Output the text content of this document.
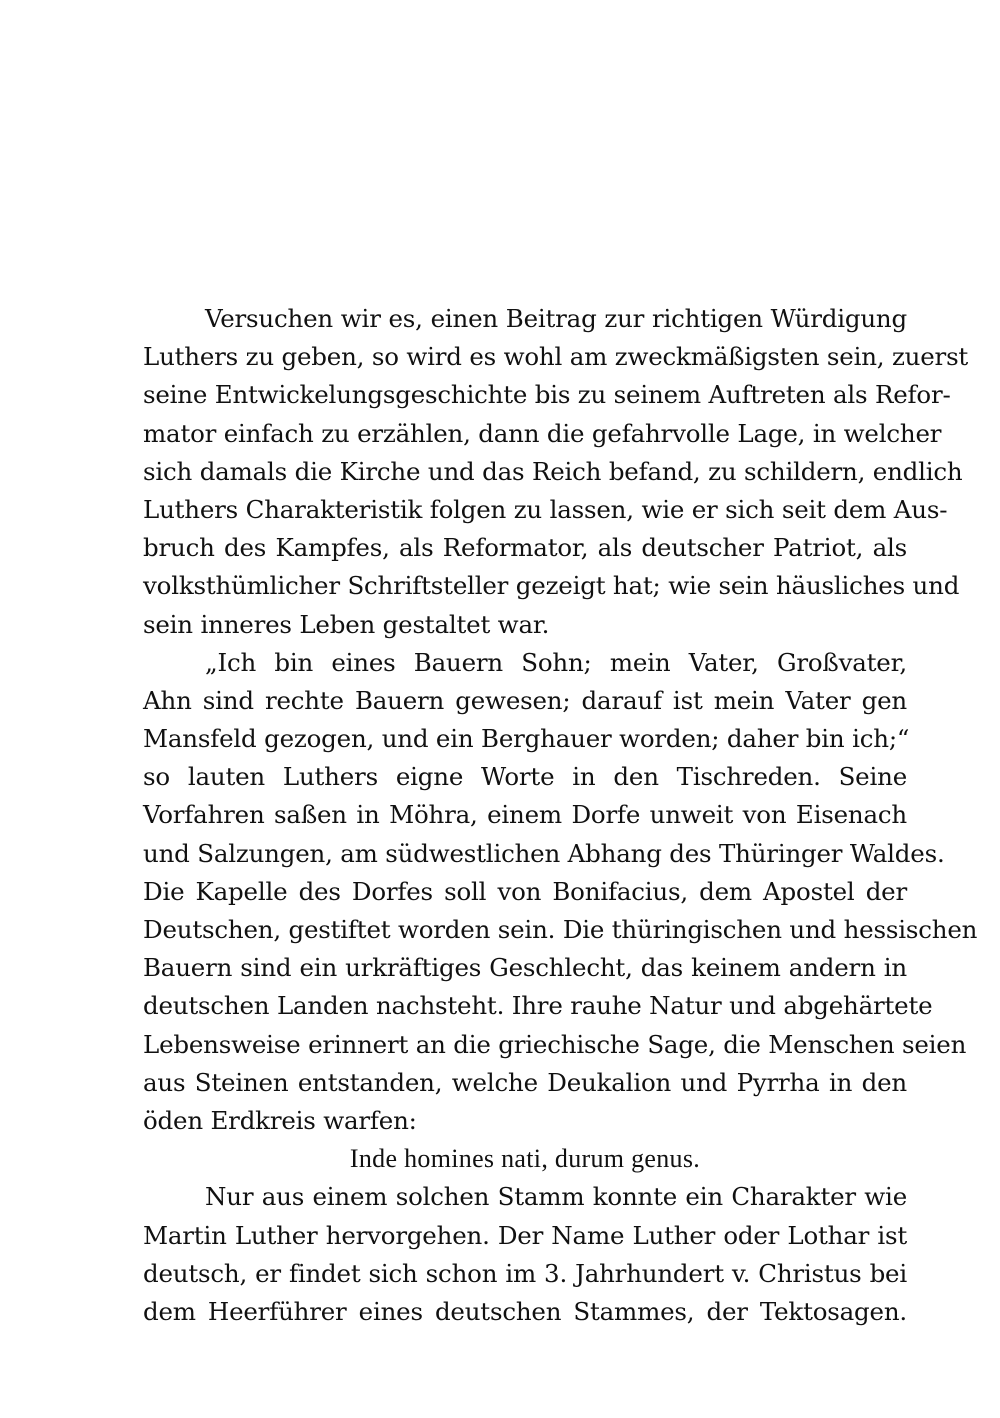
Versuchen wir es, einen Beitrag zur richtigen Würdigung
Luthers zu geben, so wird es wohl am zweckmäßigsten sein, zuerst
seine Entwickelungsgeschichte bis zu seinem Auftreten als Refor-
mator einfach zu erzählen, dann die gefahrvolle Lage, in welcher
sich damals die Kirche und das Reich befand, zu schildern, endlich
Luthers Charakteristik folgen zu lassen, wie er sich seit dem Aus-
bruch des Kampfes, als Reformator, als deutscher Patriot, als
volksthümlicher Schriftsteller gezeigt hat; wie sein häusliches und
sein inneres Leben gestaltet war.
„Ich bin eines Bauern Sohn; mein Vater, Großvater,
Ahn sind rechte Bauern gewesen; darauf ist mein Vater gen
Mansfeld gezogen, und ein Berghauer worden; daher bin ich;“
so lauten Luthers eigne Worte in den Tischreden. Seine
Vorfahren saßen in Möhra, einem Dorfe unweit von Eisenach
und Salzungen, am südwestlichen Abhang des Thüringer Waldes.
Die Kapelle des Dorfes soll von Bonifacius, dem Apostel der
Deutschen, gestiftet worden sein. Die thüringischen und hessischen
Bauern sind ein urkräftiges Geschlecht, das keinem andern in
deutschen Landen nachsteht. Ihre rauhe Natur und abgehärtete
Lebensweise erinnert an die griechische Sage, die Menschen seien
aus Steinen entstanden, welche Deukalion und Pyrrha in den
öden Erdkreis warfen:
Inde homines nati, durum genus.
Nur aus einem solchen Stamm konnte ein Charakter wie
Martin Luther hervorgehen. Der Name Luther oder Lothar ist
deutsch, er findet sich schon im 3. Jahrhundert v. Christus bei
dem Heerführer eines deutschen Stammes, der Tektosagen.
